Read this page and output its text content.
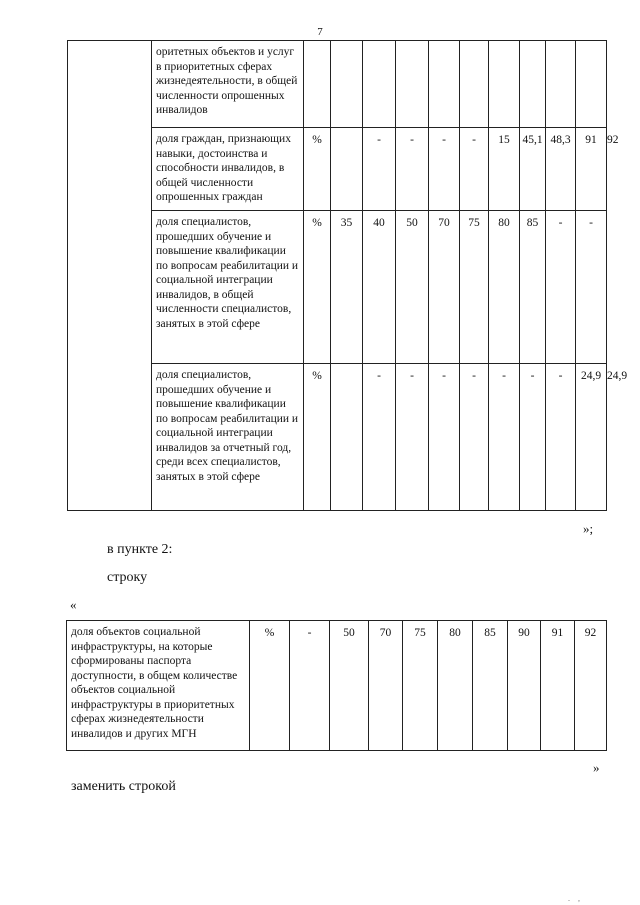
7
	оритетных объектов и услуг в приоритетных сферах жизнедеятельности, в общей численности опрошенных инвалидов											
	доля граждан, признающих навыки, достоинства и способности инвалидов, в общей численности опрошенных граждан	%		-	-	-	-	15	45,1	48,3	91	92
	доля специалистов, прошедших обучение и повышение квалификации по вопросам реабилитации и социальной интеграции инвалидов, в общей численности специалистов, занятых в этой сфере	%	35	40	50	70	75	80	85	-	-	
	доля специалистов, прошедших обучение и повышение квалификации по вопросам реабилитации и социальной интеграции инвалидов за отчетный год, среди всех специалистов, занятых в этой сфере	%		-	-	-	-	-	-	-	24,9	24,9
»;
в пункте 2:
строку
«
доля объектов социальной инфраструктуры, на которые сформированы паспорта доступности, в общем количестве объектов социальной инфраструктуры в приоритетных сферах жизнедеятельности инвалидов и других МГН	%	-	50	70	75	80	85	90	91	92
»
заменить строкой
. ,
